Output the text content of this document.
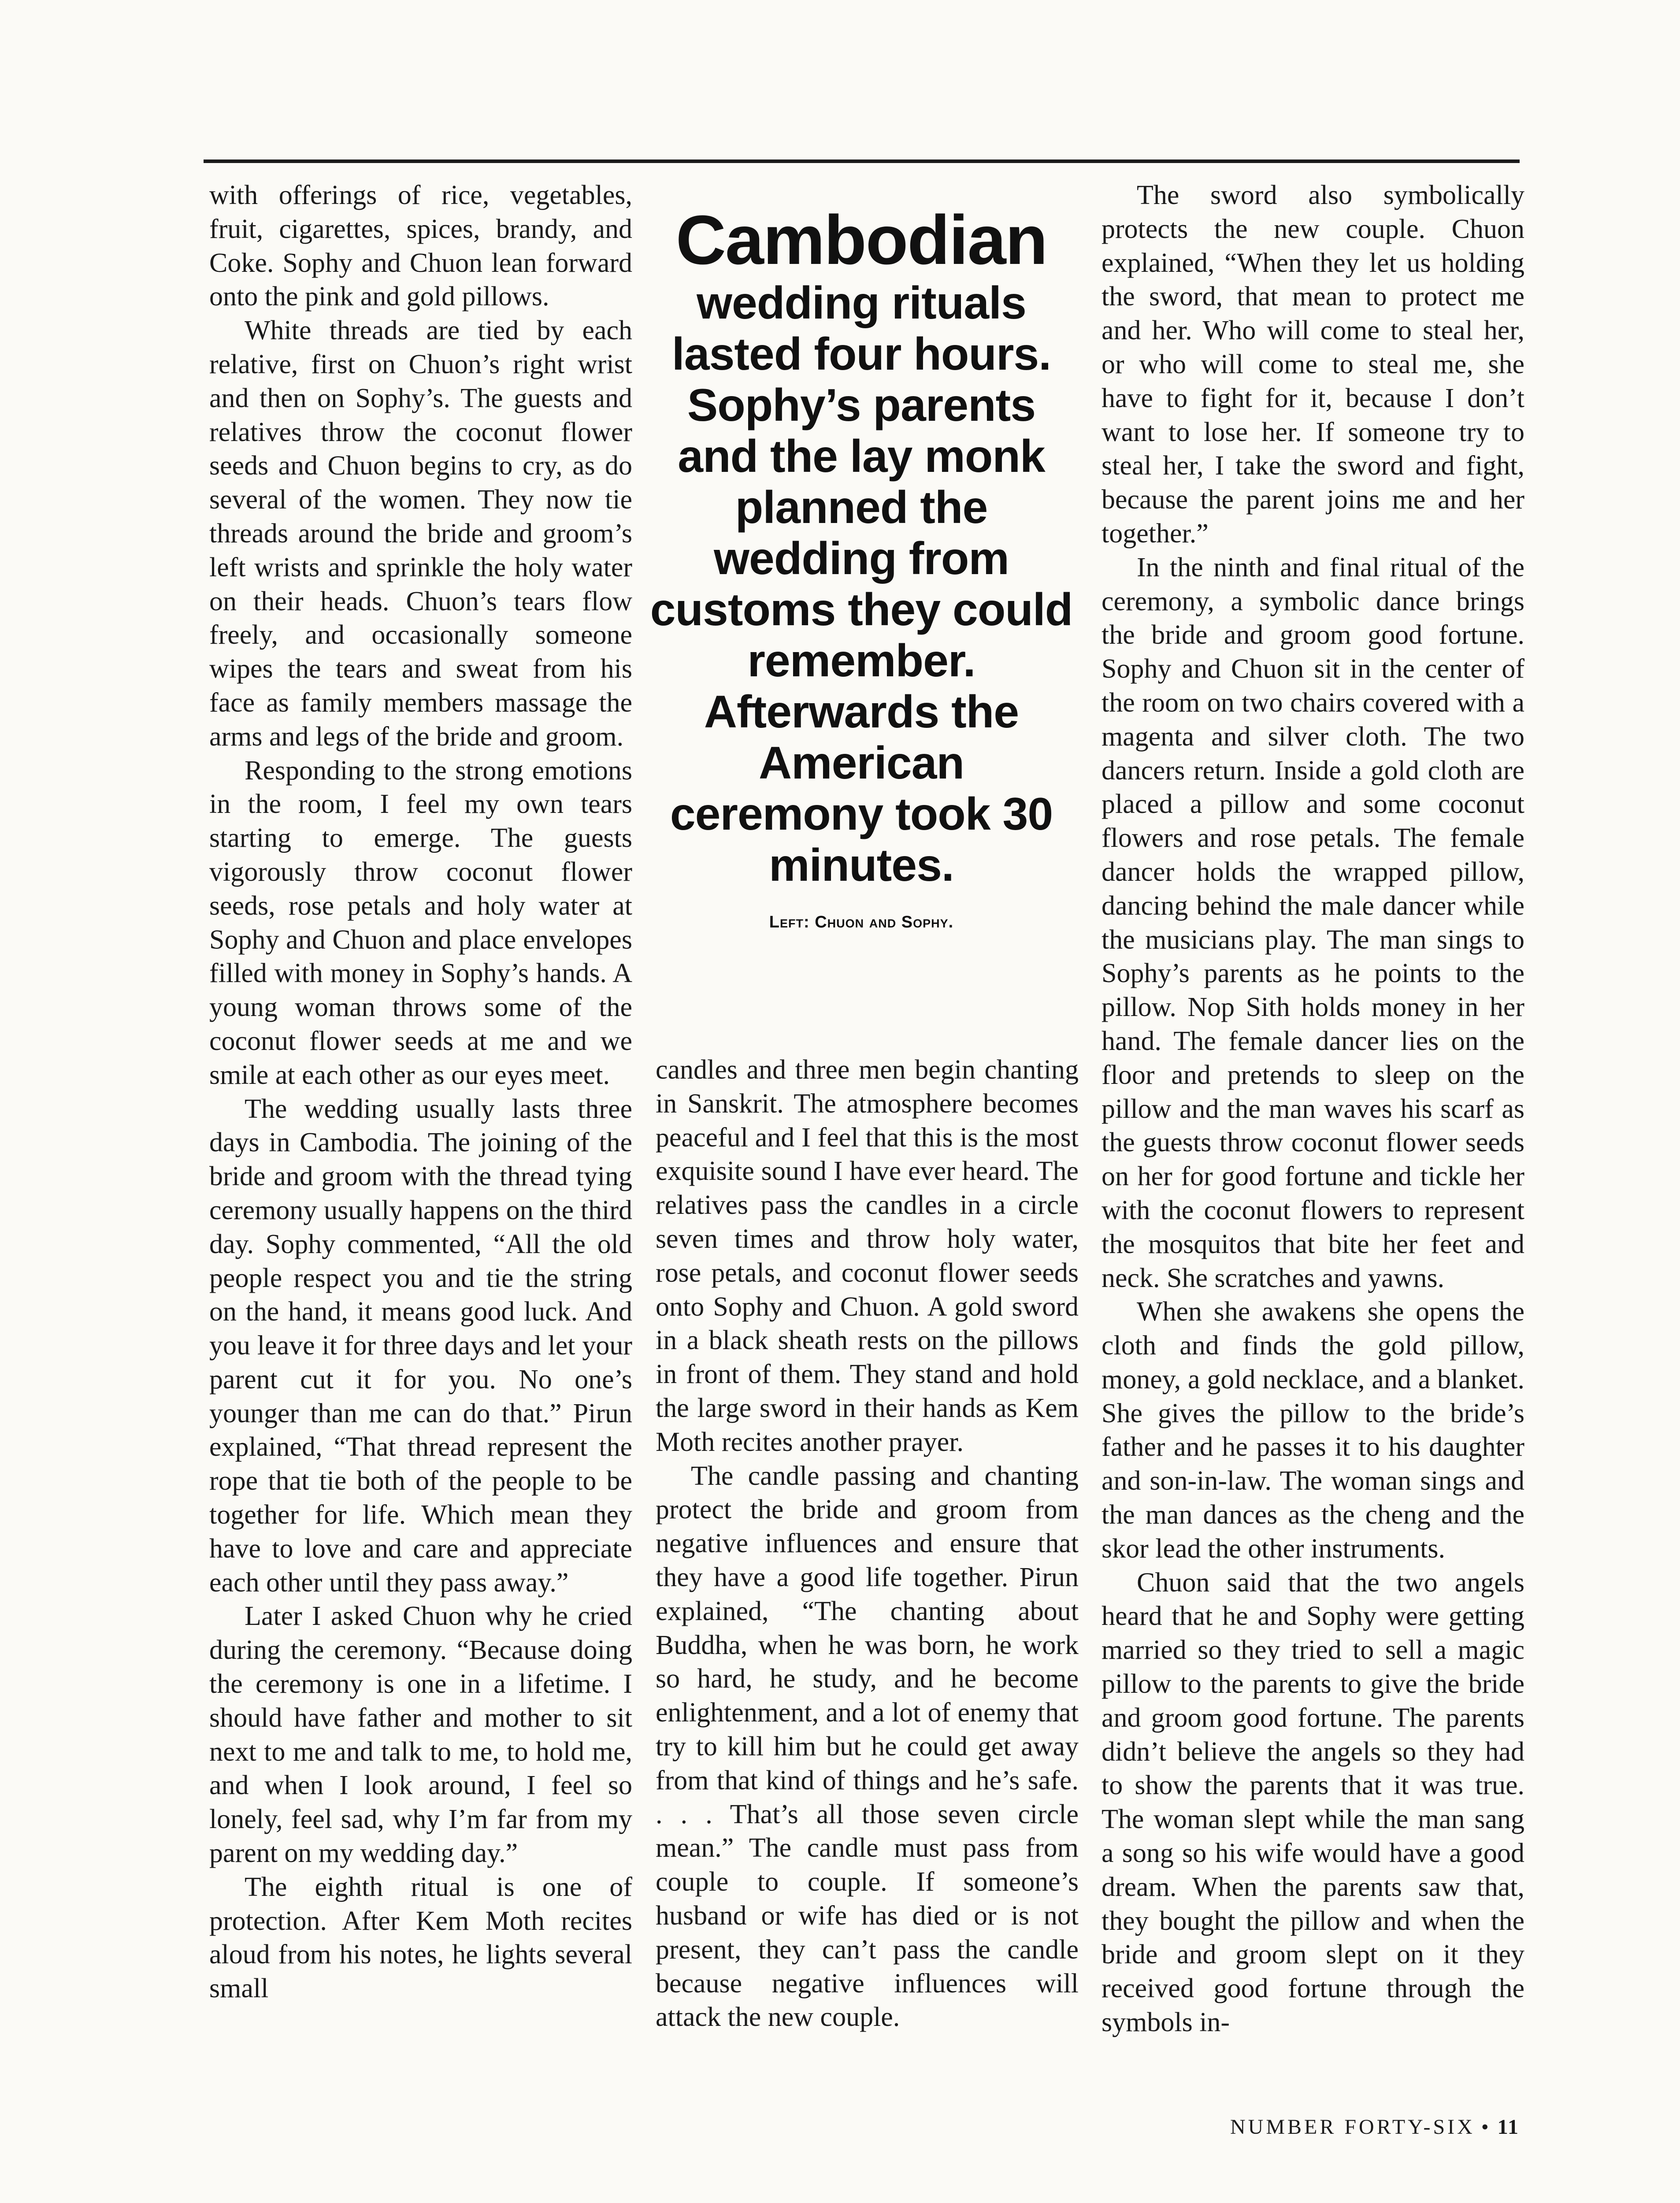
with offerings of rice, vegetables, fruit, cigarettes, spices, brandy, and Coke. Sophy and Chuon lean forward onto the pink and gold pillows.

White threads are tied by each relative, first on Chuon’s right wrist and then on Sophy’s. The guests and relatives throw the coconut flower seeds and Chuon begins to cry, as do several of the women. They now tie threads around the bride and groom’s left wrists and sprinkle the holy water on their heads. Chuon’s tears flow freely, and occasionally someone wipes the tears and sweat from his face as family members massage the arms and legs of the bride and groom.

Responding to the strong emotions in the room, I feel my own tears starting to emerge. The guests vigorously throw coconut flower seeds, rose petals and holy water at Sophy and Chuon and place envelopes filled with money in Sophy’s hands. A young woman throws some of the coconut flower seeds at me and we smile at each other as our eyes meet.

The wedding usually lasts three days in Cambodia. The joining of the bride and groom with the thread tying ceremony usually happens on the third day. Sophy commented, “All the old people respect you and tie the string on the hand, it means good luck. And you leave it for three days and let your parent cut it for you. No one’s younger than me can do that.” Pirun explained, “That thread represent the rope that tie both of the people to be together for life. Which mean they have to love and care and appreciate each other until they pass away.”

Later I asked Chuon why he cried during the ceremony. “Because doing the ceremony is one in a lifetime. I should have father and mother to sit next to me and talk to me, to hold me, and when I look around, I feel so lonely, feel sad, why I’m far from my parent on my wedding day.”

The eighth ritual is one of protection. After Kem Moth recites aloud from his notes, he lights several small

Cambodian
wedding rituals lasted four hours. Sophy’s parents and the lay monk planned the wedding from customs they could remember. Afterwards the American ceremony took 30 minutes.
Left: Chuon and Sophy.

candles and three men begin chanting in Sanskrit. The atmosphere becomes peaceful and I feel that this is the most exquisite sound I have ever heard. The relatives pass the candles in a circle seven times and throw holy water, rose petals, and coconut flower seeds onto Sophy and Chuon. A gold sword in a black sheath rests on the pillows in front of them. They stand and hold the large sword in their hands as Kem Moth recites another prayer.

The candle passing and chanting protect the bride and groom from negative influences and ensure that they have a good life together. Pirun explained, “The chanting about Buddha, when he was born, he work so hard, he study, and he become enlightenment, and a lot of enemy that try to kill him but he could get away from that kind of things and he’s safe. . . . That’s all those seven circle mean.” The candle must pass from couple to couple. If someone’s husband or wife has died or is not present, they can’t pass the candle because negative influences will attack the new couple.

The sword also symbolically protects the new couple. Chuon explained, “When they let us holding the sword, that mean to protect me and her. Who will come to steal her, or who will come to steal me, she have to fight for it, because I don’t want to lose her. If someone try to steal her, I take the sword and fight, because the parent joins me and her together.”

In the ninth and final ritual of the ceremony, a symbolic dance brings the bride and groom good fortune. Sophy and Chuon sit in the center of the room on two chairs covered with a magenta and silver cloth. The two dancers return. Inside a gold cloth are placed a pillow and some coconut flowers and rose petals. The female dancer holds the wrapped pillow, dancing behind the male dancer while the musicians play. The man sings to Sophy’s parents as he points to the pillow. Nop Sith holds money in her hand. The female dancer lies on the floor and pretends to sleep on the pillow and the man waves his scarf as the guests throw coconut flower seeds on her for good fortune and tickle her with the coconut flowers to represent the mosquitos that bite her feet and neck. She scratches and yawns.

When she awakens she opens the cloth and finds the gold pillow, money, a gold necklace, and a blanket. She gives the pillow to the bride’s father and he passes it to his daughter and son-in-law. The woman sings and the man dances as the cheng and the skor lead the other instruments.

Chuon said that the two angels heard that he and Sophy were getting married so they tried to sell a magic pillow to the parents to give the bride and groom good fortune. The parents didn’t believe the angels so they had to show the parents that it was true. The woman slept while the man sang a song so his wife would have a good dream. When the parents saw that, they bought the pillow and when the bride and groom slept on it they received good fortune through the symbols in-

NUMBER FORTY-SIX • 11
